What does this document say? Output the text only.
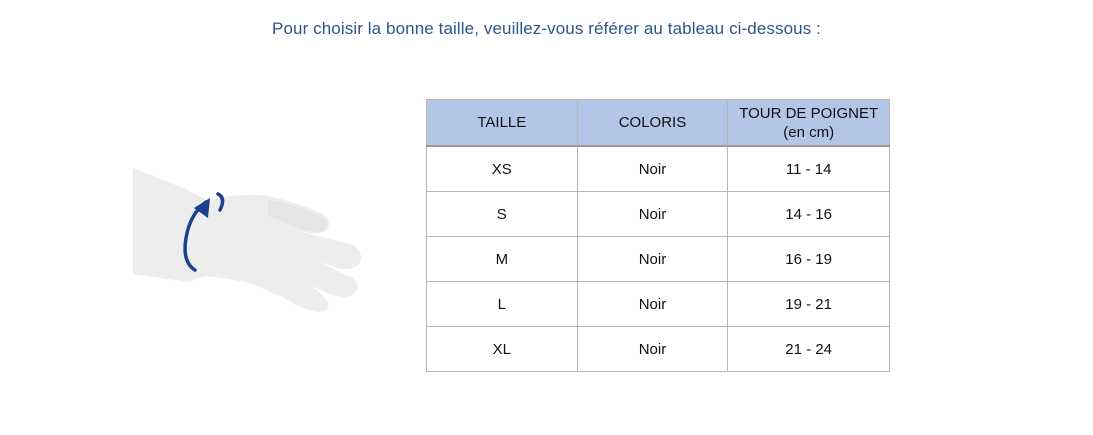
Pour choisir la bonne taille, veuillez-vous référer au tableau ci-dessous :
TAILLE	COLORIS	TOUR DE POIGNET
(en cm)

XS	Noir	11 - 14
S	Noir	14 - 16
M	Noir	16 - 19
L	Noir	19 - 21
XL	Noir	21 - 24
